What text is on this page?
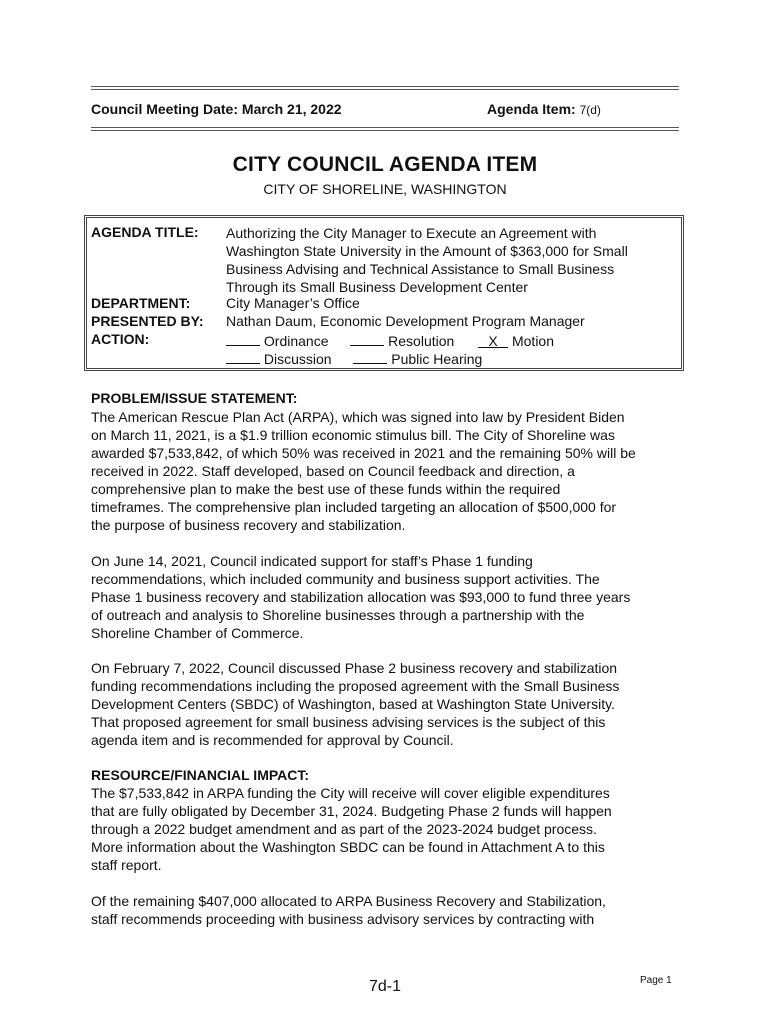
Council Meeting Date: March 21, 2022	Agenda Item: 7(d)
CITY COUNCIL AGENDA ITEM
CITY OF SHORELINE, WASHINGTON
AGENDA TITLE: Authorizing the City Manager to Execute an Agreement with
Washington State University in the Amount of $363,000 for Small
Business Advising and Technical Assistance to Small Business
Through its Small Business Development Center
DEPARTMENT:	City Manager’s Office
PRESENTED BY: Nathan Daum, Economic Development Program Manager
ACTION:	Ordinance	Resolution X Motion
Discussion	Public Hearing
PROBLEM/ISSUE STATEMENT:
The American Rescue Plan Act (ARPA), which was signed into law by President Biden
on March 11, 2021, is a $1.9 trillion economic stimulus bill. The City of Shoreline was
awarded $7,533,842, of which 50% was received in 2021 and the remaining 50% will be
received in 2022. Staff developed, based on Council feedback and direction, a
comprehensive plan to make the best use of these funds within the required
timeframes. The comprehensive plan included targeting an allocation of $500,000 for
the purpose of business recovery and stabilization.
On June 14, 2021, Council indicated support for staff’s Phase 1 funding
recommendations, which included community and business support activities. The
Phase 1 business recovery and stabilization allocation was $93,000 to fund three years
of outreach and analysis to Shoreline businesses through a partnership with the
Shoreline Chamber of Commerce.
On February 7, 2022, Council discussed Phase 2 business recovery and stabilization
funding recommendations including the proposed agreement with the Small Business
Development Centers (SBDC) of Washington, based at Washington State University.
That proposed agreement for small business advising services is the subject of this
agenda item and is recommended for approval by Council.
RESOURCE/FINANCIAL IMPACT:
The $7,533,842 in ARPA funding the City will receive will cover eligible expenditures
that are fully obligated by December 31, 2024. Budgeting Phase 2 funds will happen
through a 2022 budget amendment and as part of the 2023-2024 budget process.
More information about the Washington SBDC can be found in Attachment A to this
staff report.
Of the remaining $407,000 allocated to ARPA Business Recovery and Stabilization,
staff recommends proceeding with business advisory services by contracting with
7d-1	Page 1
